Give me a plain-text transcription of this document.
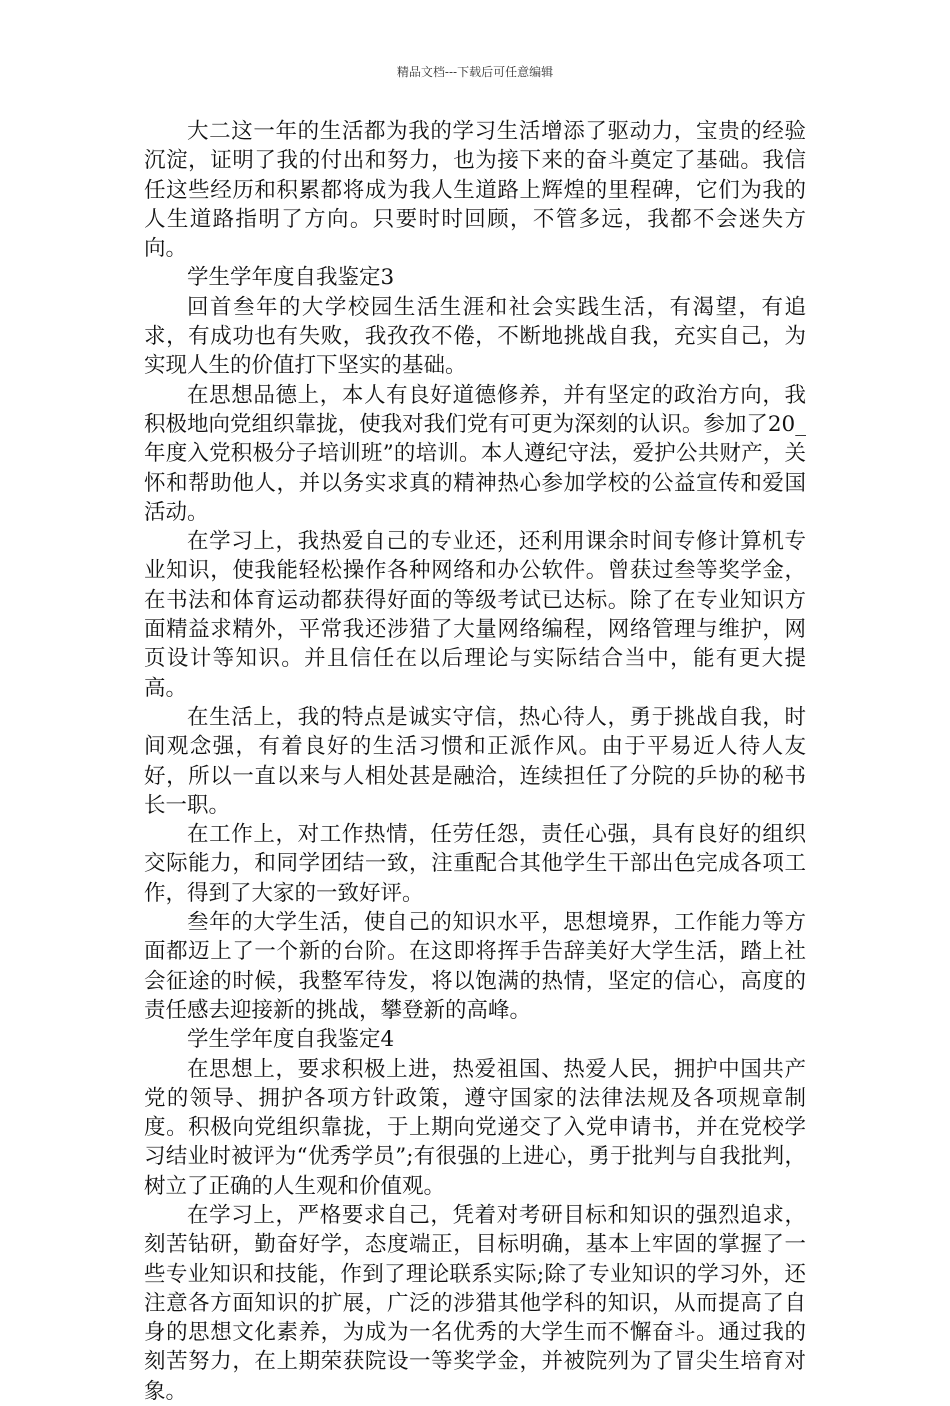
精品文档---下载后可任意编辑

大二这一年的生活都为我的学习生活增添了驱动力，宝贵的经验沉淀，证明了我的付出和努力，也为接下来的奋斗奠定了基础。我信任这些经历和积累都将成为我人生道路上辉煌的里程碑，它们为我的人生道路指明了方向。只要时时回顾，不管多远，我都不会迷失方向。

学生学年度自我鉴定3

回首叁年的大学校园生活生涯和社会实践生活，有渴望，有追求，有成功也有失败，我孜孜不倦，不断地挑战自我，充实自己，为实现人生的价值打下坚实的基础。

在思想品德上，本人有良好道德修养，并有坚定的政治方向，我积极地向党组织靠拢，使我对我们党有可更为深刻的认识。参加了20_年度入党积极分子培训班”的培训。本人遵纪守法，爱护公共财产，关怀和帮助他人，并以务实求真的精神热心参加学校的公益宣传和爱国活动。

在学习上，我热爱自己的专业还，还利用课余时间专修计算机专业知识，使我能轻松操作各种网络和办公软件。曾获过叁等奖学金，在书法和体育运动都获得好面的等级考试已达标。除了在专业知识方面精益求精外，平常我还涉猎了大量网络编程，网络管理与维护，网页设计等知识。并且信任在以后理论与实际结合当中，能有更大提高。

在生活上，我的特点是诚实守信，热心待人，勇于挑战自我，时间观念强，有着良好的生活习惯和正派作风。由于平易近人待人友好，所以一直以来与人相处甚是融洽，连续担任了分院的乒协的秘书长一职。

在工作上，对工作热情，任劳任怨，责任心强，具有良好的组织交际能力，和同学团结一致，注重配合其他学生干部出色完成各项工作，得到了大家的一致好评。

叁年的大学生活，使自己的知识水平，思想境界，工作能力等方面都迈上了一个新的台阶。在这即将挥手告辞美好大学生活，踏上社会征途的时候，我整军待发，将以饱满的热情，坚定的信心，高度的责任感去迎接新的挑战，攀登新的高峰。

学生学年度自我鉴定4

在思想上，要求积极上进，热爱祖国、热爱人民，拥护中国共产党的领导、拥护各项方针政策，遵守国家的法律法规及各项规章制度。积极向党组织靠拢，于上期向党递交了入党申请书，并在党校学习结业时被评为“优秀学员”;有很强的上进心，勇于批判与自我批判，树立了正确的人生观和价值观。

在学习上，严格要求自己，凭着对考研目标和知识的强烈追求，刻苦钻研，勤奋好学，态度端正，目标明确，基本上牢固的掌握了一些专业知识和技能，作到了理论联系实际;除了专业知识的学习外，还注意各方面知识的扩展，广泛的涉猎其他学科的知识，从而提高了自身的思想文化素养，为成为一名优秀的大学生而不懈奋斗。通过我的刻苦努力，在上期荣获院设一等奖学金，并被院列为了冒尖生培育对象。
